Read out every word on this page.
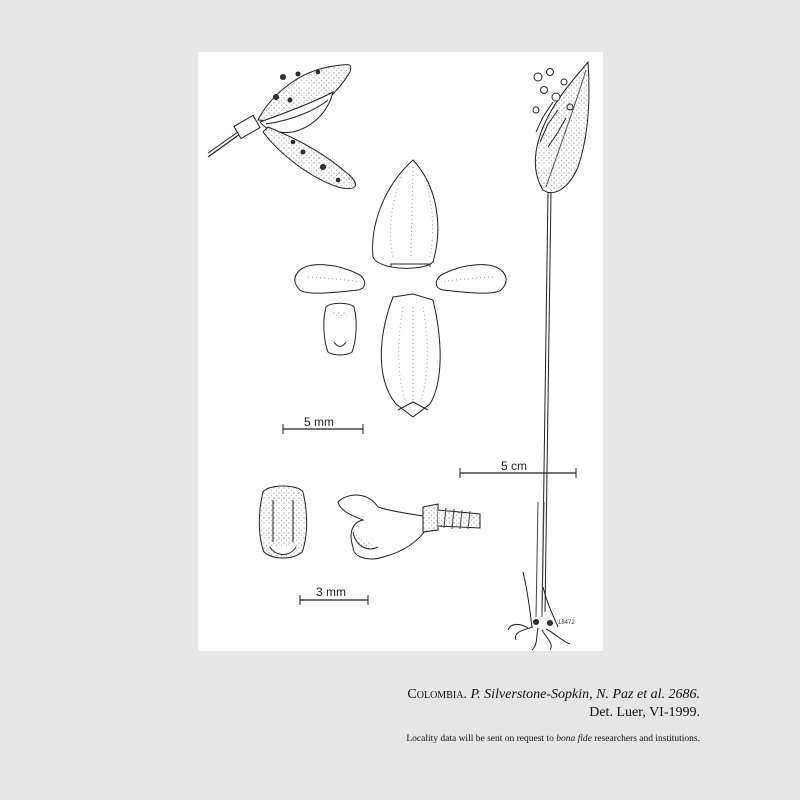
18472
5 mm
5 cm
3 mm
Colombia. P. Silverstone-Sopkin, N. Paz et al. 2686.
Det. Luer, VI-1999.
Locality data will be sent on request to bona fide researchers and institutions.
